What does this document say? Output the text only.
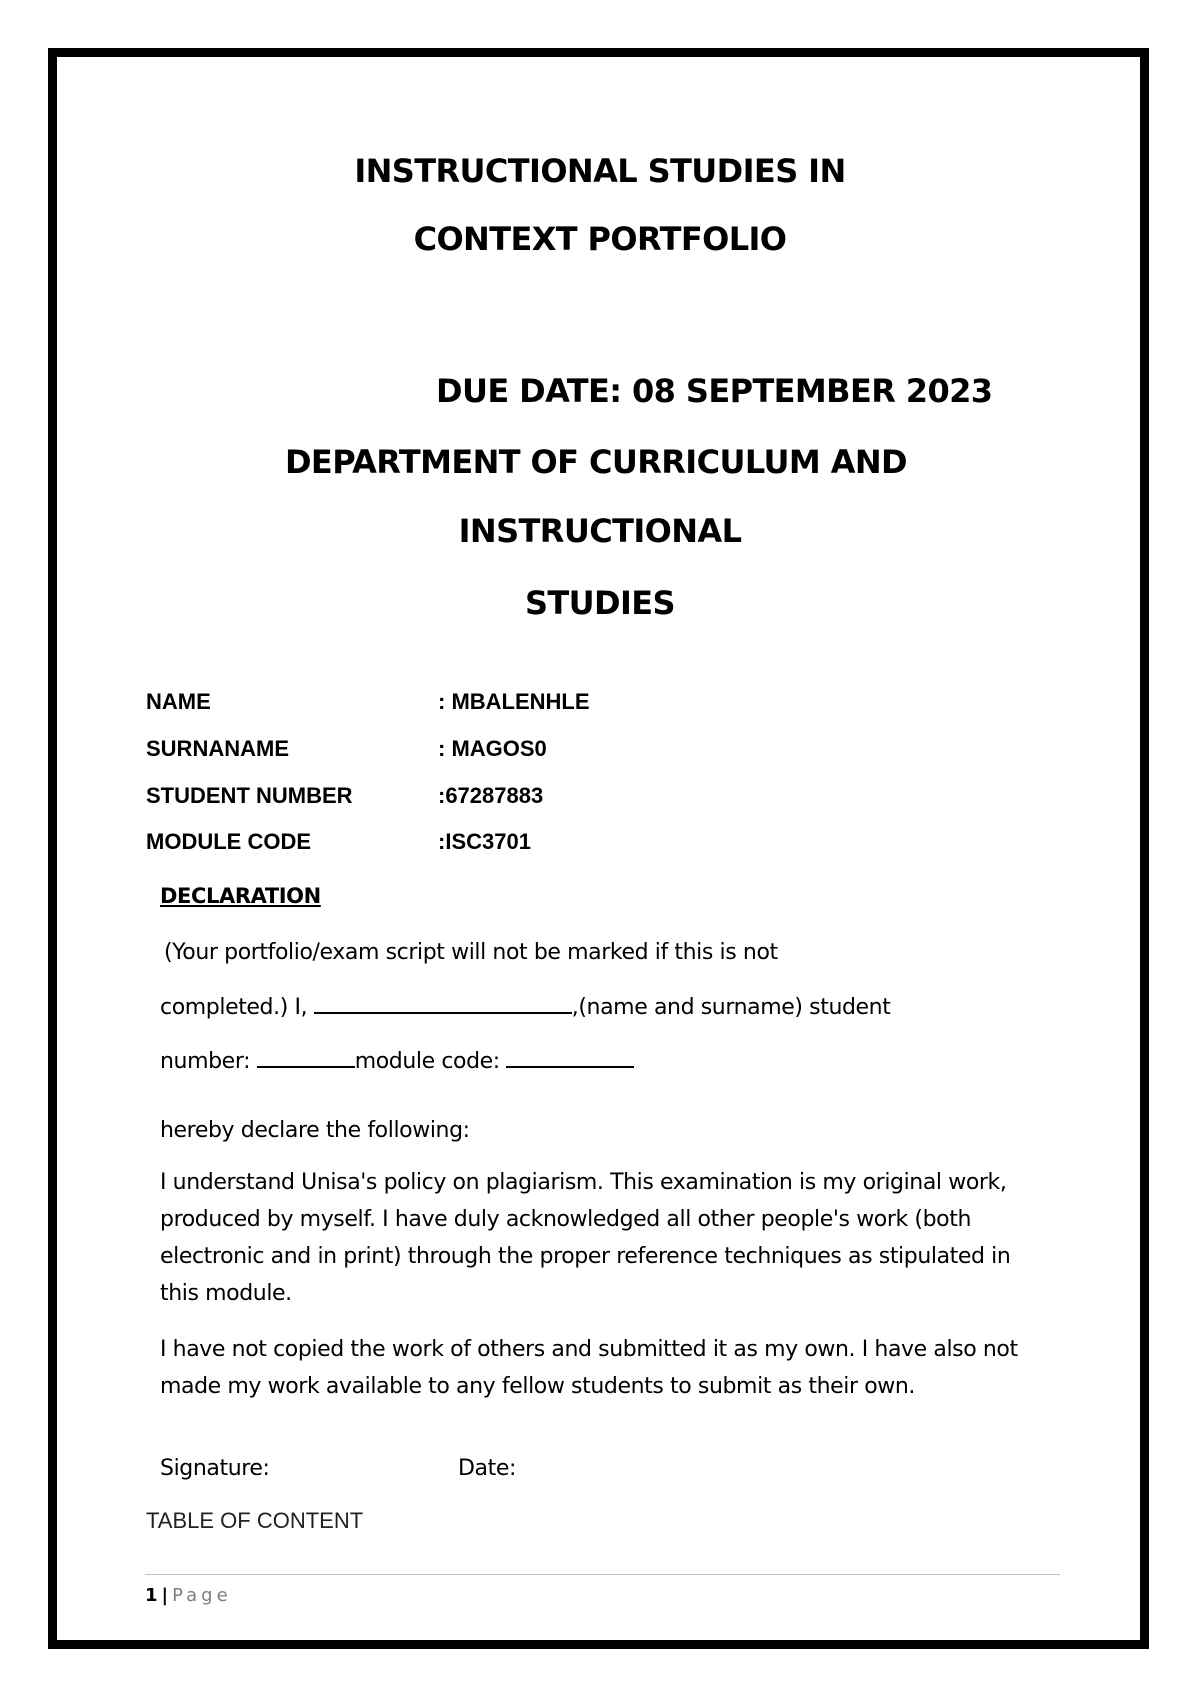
INSTRUCTIONAL STUDIES IN
CONTEXT PORTFOLIO
DUE DATE: 08 SEPTEMBER 2023
DEPARTMENT OF CURRICULUM AND
INSTRUCTIONAL
STUDIES
NAME	: MBALENHLE
SURNANAME	: MAGOS0
STUDENT NUMBER	:67287883
MODULE CODE	:ISC3701
DECLARATION
(Your portfolio/exam script will not be marked if this is not
completed.) I,	,(name and surname) student
number:	module code:
hereby declare the following:
I understand Unisa's policy on plagiarism. This examination is my original work, produced by myself. I have duly acknowledged all other people's work (both electronic and in print) through the proper reference techniques as stipulated in this module.
I have not copied the work of others and submitted it as my own. I have also not made my work available to any fellow students to submit as their own.
Signature:	Date:
TABLE OF CONTENT
1 | Page
